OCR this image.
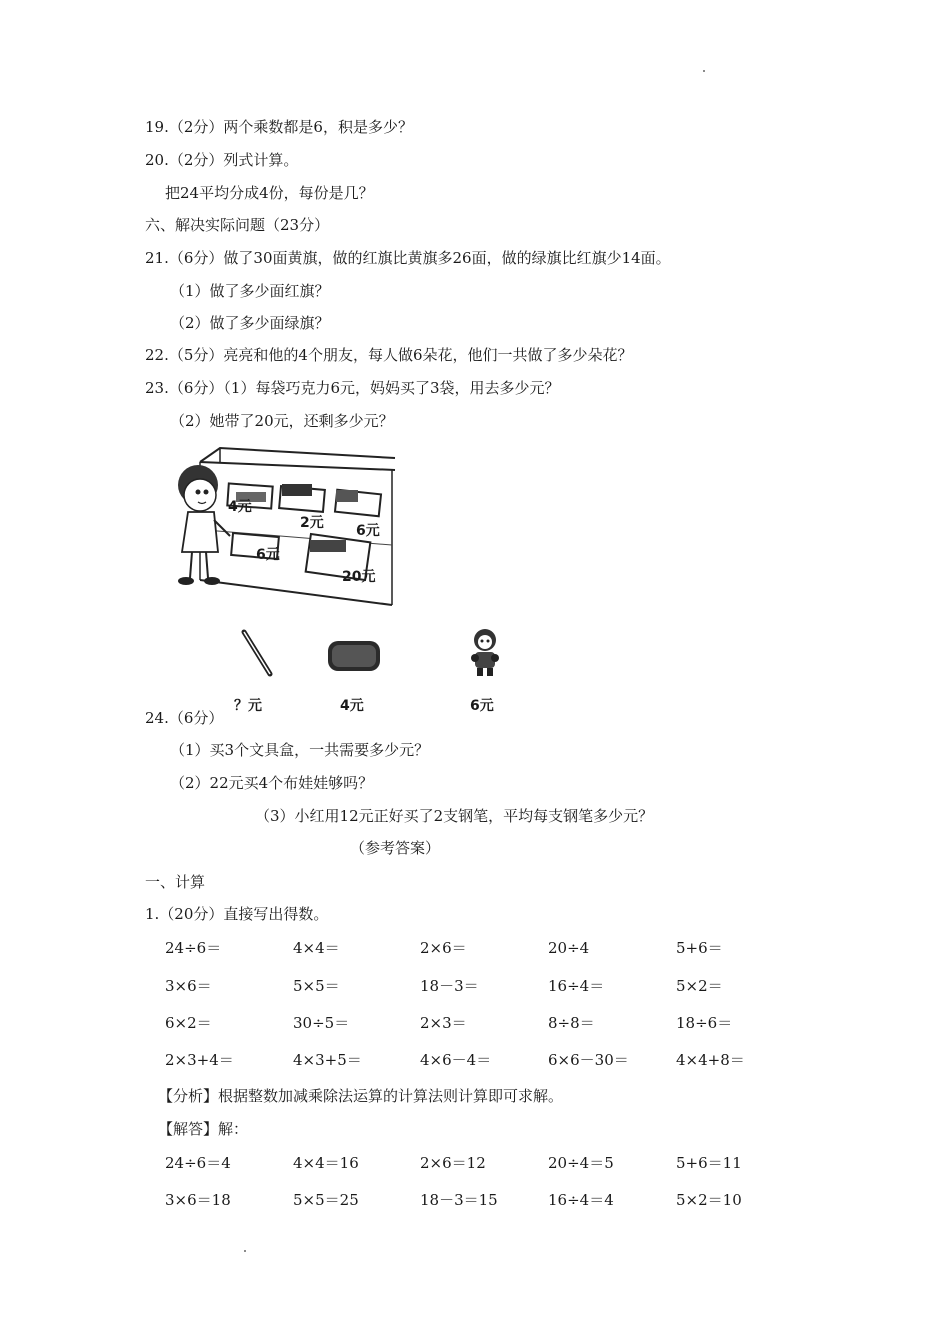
19.（2分）两个乘数都是6，积是多少？
20.（2分）列式计算。
把24平均分成4份，每份是几？
六、解决实际问题（23分）
21.（6分）做了30面黄旗，做的红旗比黄旗多26面，做的绿旗比红旗少14面。
（1）做了多少面红旗？
（2）做了多少面绿旗？
22.（5分）亮亮和他的4个朋友，每人做6朵花，他们一共做了多少朵花？
23.（6分）（1）每袋巧克力6元，妈妈买了3袋，用去多少元？
（2）她带了20元，还剩多少元？
4元
2元 6元
6元
20元
？元	4元	6元
24.（6分）
（1）买3个文具盒，一共需要多少元？
（2）22元买4个布娃娃够吗？
（3）小红用12元正好买了2支钢笔，平均每支钢笔多少元？
（参考答案）
一、计算
1.（20分）直接写出得数。
24÷6＝	4×4＝	2×6＝	20÷4	5+6＝
3×6＝	5×5＝	18－3＝	16÷4＝	5×2＝
6×2＝	30÷5＝	2×3＝	8÷8＝	18÷6＝
2×3+4＝	4×3+5＝	4×6－4＝	6×6－30＝	4×4+8＝
【分析】根据整数加减乘除法运算的计算法则计算即可求解。
【解答】解：
24÷6＝4	4×4＝16	2×6＝12	20÷4＝5	5+6＝11
3×6＝18	5×5＝25	18－3＝15	16÷4＝4	5×2＝10
